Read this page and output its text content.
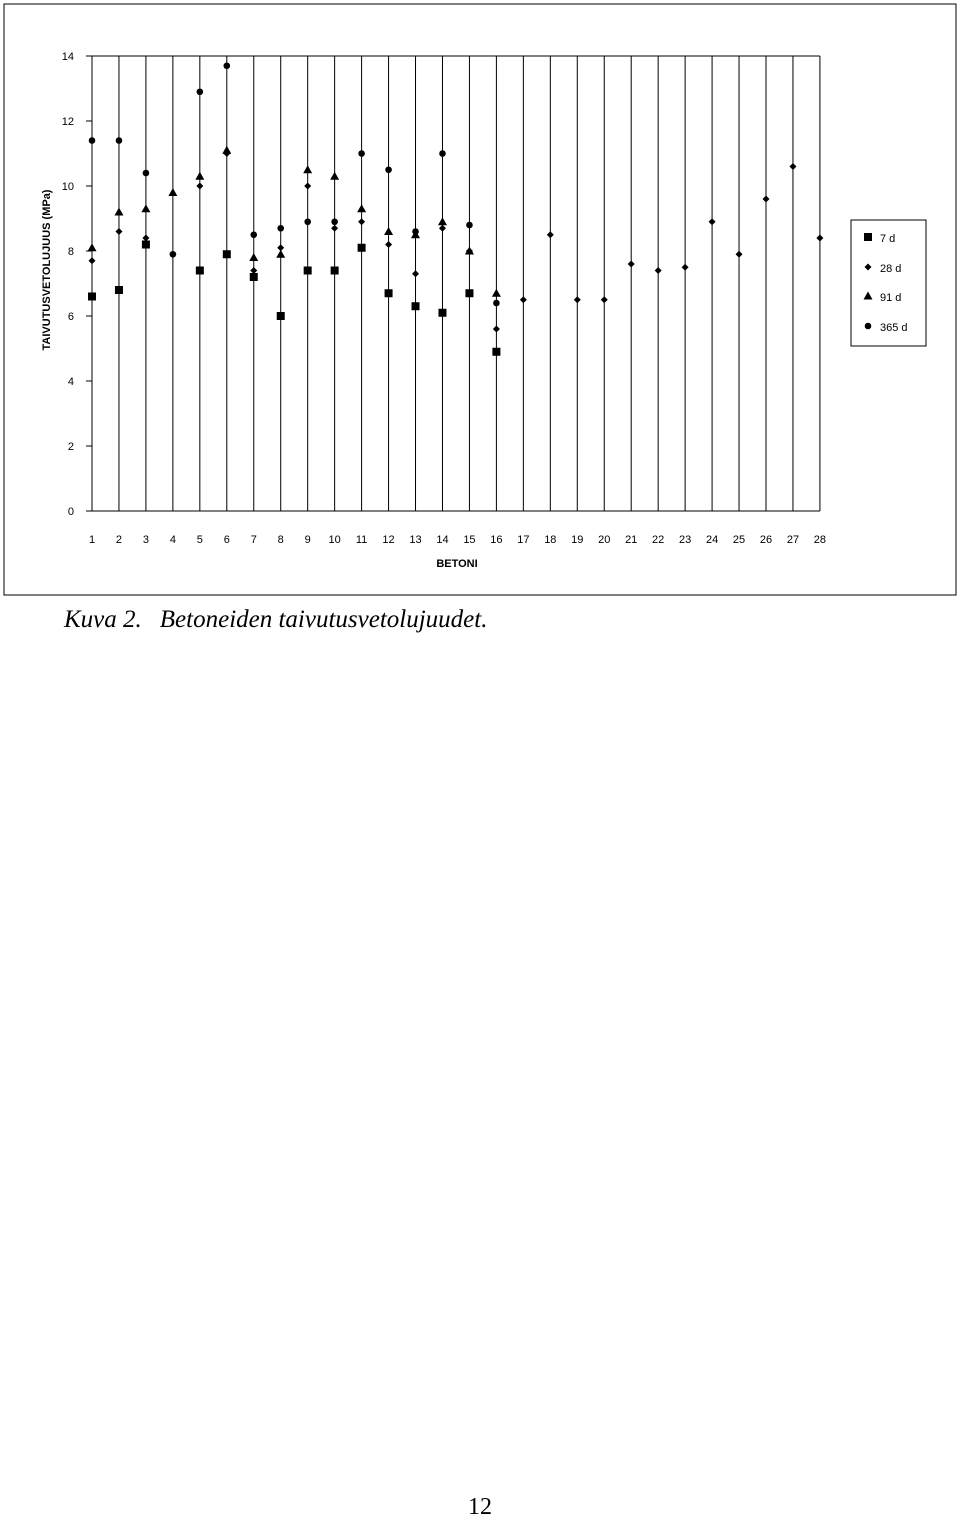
0
2
4
6
8
10
12
14
1 2 3 4 5 6 7 8 9 10 11 12 13 14 15 16 17 18 19 20 21 22 23 24 25 26 27 28
BETONI
TAIVUTUSVETOLUJUUS (MPa)	7 d
28 d
91 d
365 d
Kuva 2. Betoneiden taivutusvetolujuudet.
12
